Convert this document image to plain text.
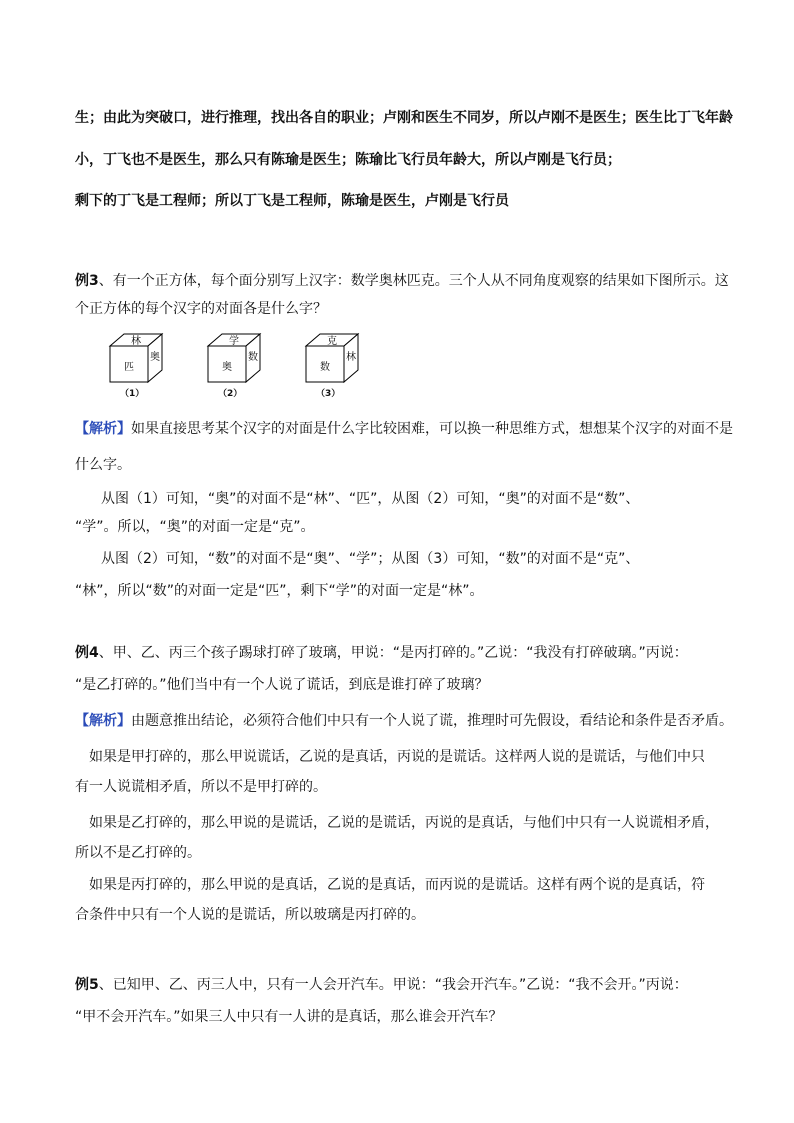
生；由此为突破口，进行推理，找出各自的职业；卢刚和医生不同岁，所以卢刚不是医生；医生比丁飞年龄
小，丁飞也不是医生，那么只有陈瑜是医生；陈瑜比飞行员年龄大，所以卢刚是飞行员；
剩下的丁飞是工程师；所以丁飞是工程师，陈瑜是医生，卢刚是飞行员
例3、有一个正方体，每个面分别写上汉字：数学奥林匹克。三个人从不同角度观察的结果如下图所示。这
个正方体的每个汉字的对面各是什么字？
林
奥
匹
（1）
学
数
奥
（2）
克
林
数
（3）
【解析】如果直接思考某个汉字的对面是什么字比较困难，可以换一种思维方式，想想某个汉字的对面不是
什么字。
从图（1）可知，“奥”的对面不是“林”、“匹”，从图（2）可知，“奥”的对面不是“数”、
“学”。所以，“奥”的对面一定是“克”。
从图（2）可知，“数”的对面不是“奥”、“学”；从图（3）可知，“数”的对面不是“克”、
“林”，所以“数”的对面一定是“匹”，剩下“学”的对面一定是“林”。
例4、甲、乙、丙三个孩子踢球打碎了玻璃，甲说：“是丙打碎的。”乙说：“我没有打碎破璃。”丙说：
“是乙打碎的。”他们当中有一个人说了谎话，到底是谁打碎了玻璃？
【解析】由题意推出结论，必须符合他们中只有一个人说了谎，推理时可先假设，看结论和条件是否矛盾。
如果是甲打碎的，那么甲说谎话，乙说的是真话，丙说的是谎话。这样两人说的是谎话，与他们中只
有一人说谎相矛盾，所以不是甲打碎的。
如果是乙打碎的，那么甲说的是谎话，乙说的是谎话，丙说的是真话，与他们中只有一人说谎相矛盾，
所以不是乙打碎的。
如果是丙打碎的，那么甲说的是真话，乙说的是真话，而丙说的是谎话。这样有两个说的是真话，符
合条件中只有一个人说的是谎话，所以玻璃是丙打碎的。
例5、已知甲、乙、丙三人中，只有一人会开汽车。甲说：“我会开汽车。”乙说：“我不会开。”丙说：
“甲不会开汽车。”如果三人中只有一人讲的是真话，那么谁会开汽车？
